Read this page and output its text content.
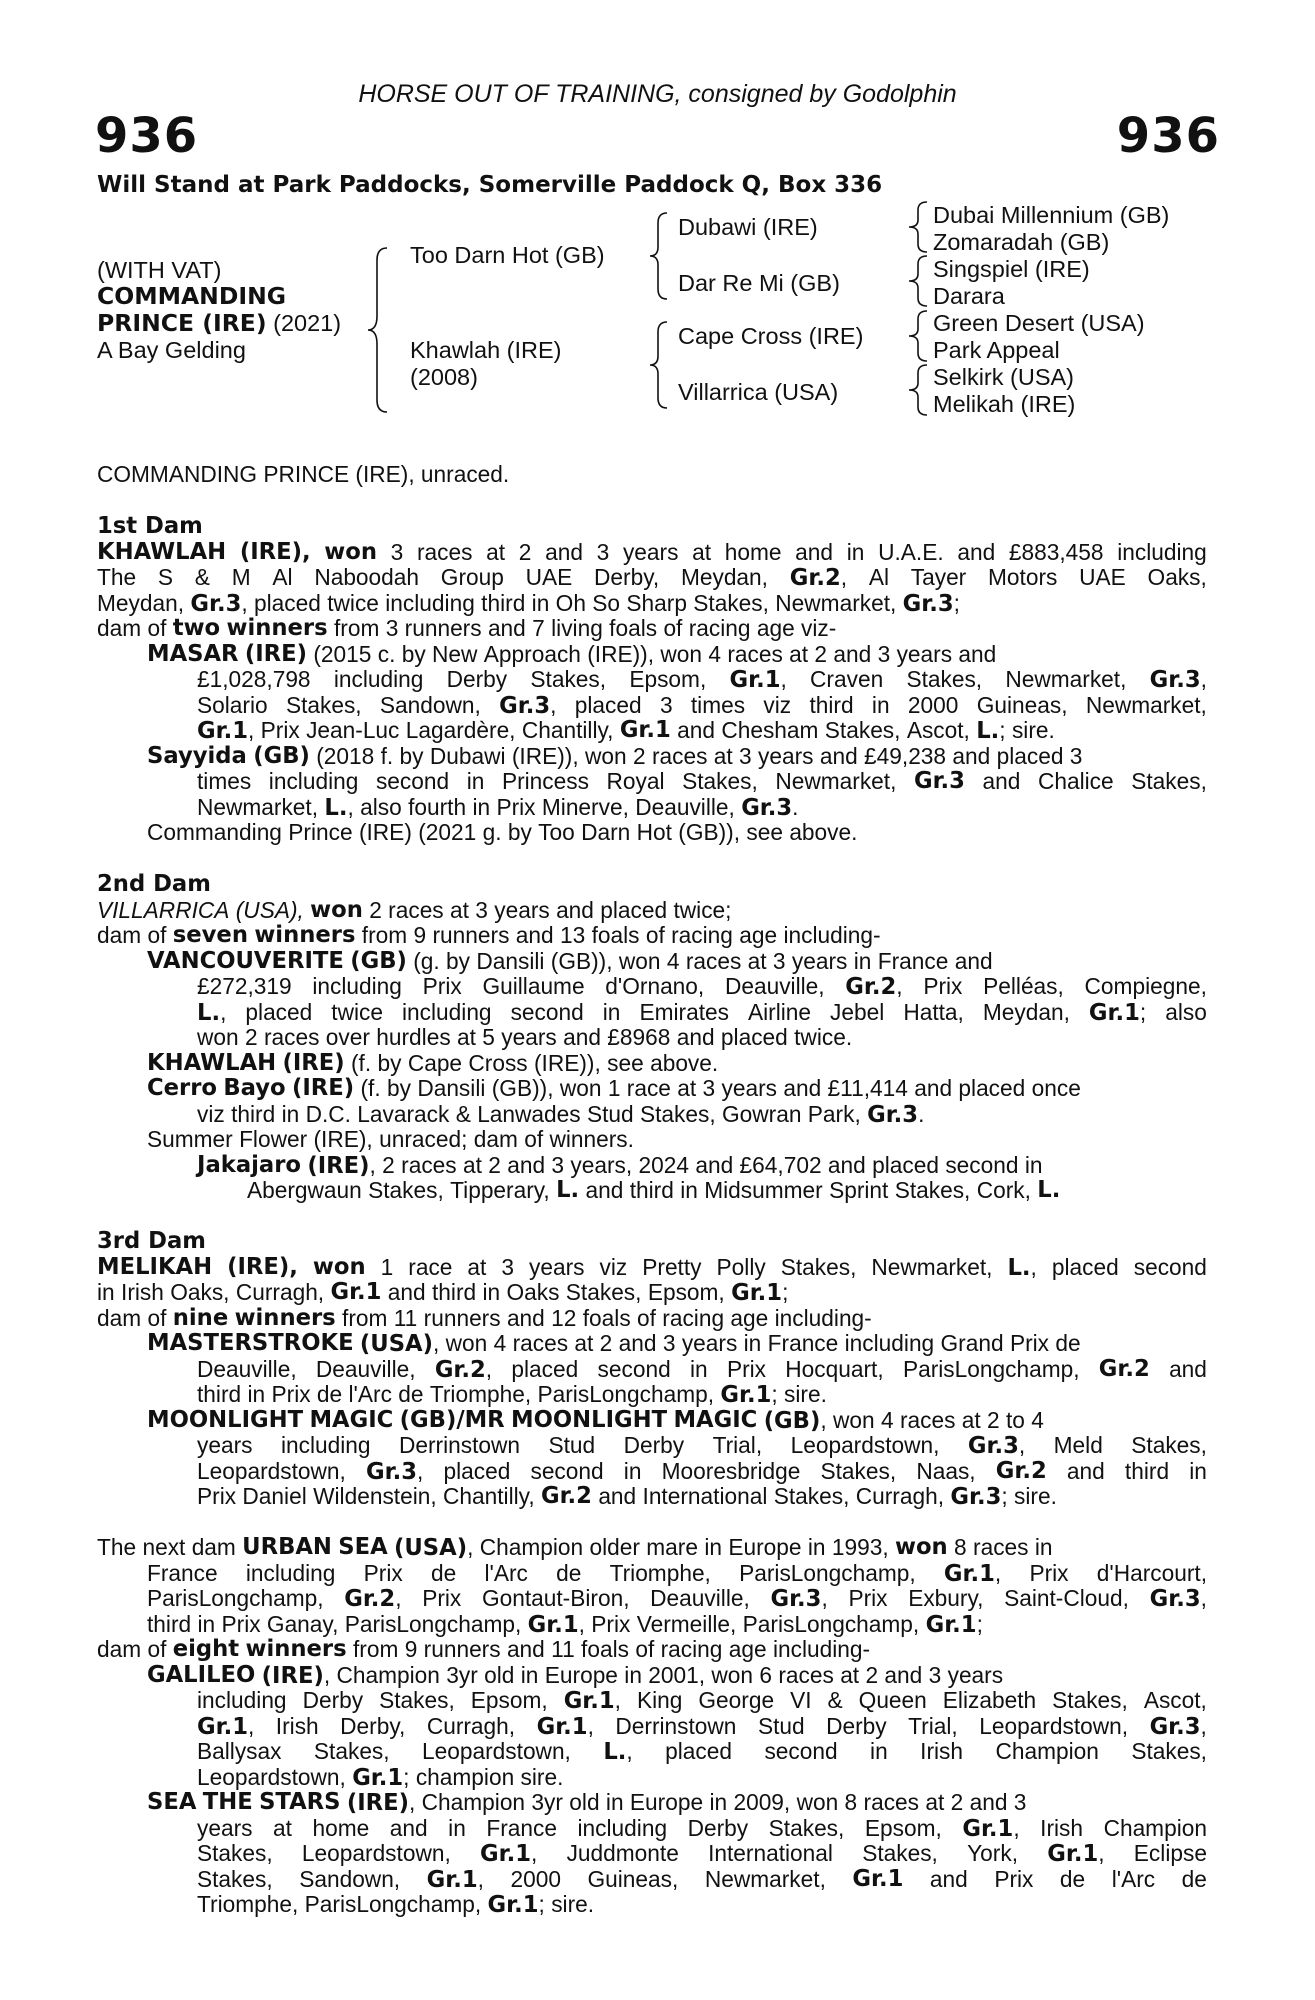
HORSE OUT OF TRAINING, consigned by Godolphin
936	936
Will Stand at Park Paddocks, Somerville Paddock Q, Box 336
(WITH VAT)
COMMANDING
PRINCE (IRE) (2021)
A Bay Gelding
Too Darn Hot (GB)
Khawlah (IRE)
(2008)
Dubawi (IRE)
Dar Re Mi (GB)
Cape Cross (IRE)
Villarrica (USA)
Dubai Millennium (GB)
Zomaradah (GB)
Singspiel (IRE)
Darara
Green Desert (USA)
Park Appeal
Selkirk (USA)
Melikah (IRE)
COMMANDING PRINCE (IRE), unraced.
1st Dam
KHAWLAH (IRE), won 3 races at 2 and 3 years at home and in U.A.E. and £883,458 including
The S & M Al Naboodah Group UAE Derby, Meydan, Gr.2, Al Tayer Motors UAE Oaks,
Meydan, Gr.3, placed twice including third in Oh So Sharp Stakes, Newmarket, Gr.3;
dam of two winners from 3 runners and 7 living foals of racing age viz-
MASAR (IRE) (2015 c. by New Approach (IRE)), won 4 races at 2 and 3 years and
£1,028,798 including Derby Stakes, Epsom, Gr.1, Craven Stakes, Newmarket, Gr.3,
Solario Stakes, Sandown, Gr.3, placed 3 times viz third in 2000 Guineas, Newmarket,
Gr.1, Prix Jean-Luc Lagardère, Chantilly, Gr.1 and Chesham Stakes, Ascot, L.; sire.
Sayyida (GB) (2018 f. by Dubawi (IRE)), won 2 races at 3 years and £49,238 and placed 3
times including second in Princess Royal Stakes, Newmarket, Gr.3 and Chalice Stakes,
Newmarket, L., also fourth in Prix Minerve, Deauville, Gr.3.
Commanding Prince (IRE) (2021 g. by Too Darn Hot (GB)), see above.
2nd Dam
VILLARRICA (USA), won 2 races at 3 years and placed twice;
dam of seven winners from 9 runners and 13 foals of racing age including-
VANCOUVERITE (GB) (g. by Dansili (GB)), won 4 races at 3 years in France and
£272,319 including Prix Guillaume d'Ornano, Deauville, Gr.2, Prix Pelléas, Compiegne,
L., placed twice including second in Emirates Airline Jebel Hatta, Meydan, Gr.1; also
won 2 races over hurdles at 5 years and £8968 and placed twice.
KHAWLAH (IRE) (f. by Cape Cross (IRE)), see above.
Cerro Bayo (IRE) (f. by Dansili (GB)), won 1 race at 3 years and £11,414 and placed once
viz third in D.C. Lavarack & Lanwades Stud Stakes, Gowran Park, Gr.3.
Summer Flower (IRE), unraced; dam of winners.
Jakajaro (IRE), 2 races at 2 and 3 years, 2024 and £64,702 and placed second in
Abergwaun Stakes, Tipperary, L. and third in Midsummer Sprint Stakes, Cork, L.
3rd Dam
MELIKAH (IRE), won 1 race at 3 years viz Pretty Polly Stakes, Newmarket, L., placed second
in Irish Oaks, Curragh, Gr.1 and third in Oaks Stakes, Epsom, Gr.1;
dam of nine winners from 11 runners and 12 foals of racing age including-
MASTERSTROKE (USA), won 4 races at 2 and 3 years in France including Grand Prix de
Deauville, Deauville, Gr.2, placed second in Prix Hocquart, ParisLongchamp, Gr.2 and
third in Prix de l'Arc de Triomphe, ParisLongchamp, Gr.1; sire.
MOONLIGHT MAGIC (GB)/MR MOONLIGHT MAGIC (GB), won 4 races at 2 to 4
years including Derrinstown Stud Derby Trial, Leopardstown, Gr.3, Meld Stakes,
Leopardstown, Gr.3, placed second in Mooresbridge Stakes, Naas, Gr.2 and third in
Prix Daniel Wildenstein, Chantilly, Gr.2 and International Stakes, Curragh, Gr.3; sire.
The next dam URBAN SEA (USA), Champion older mare in Europe in 1993, won 8 races in
France including Prix de l'Arc de Triomphe, ParisLongchamp, Gr.1, Prix d'Harcourt,
ParisLongchamp, Gr.2, Prix Gontaut-Biron, Deauville, Gr.3, Prix Exbury, Saint-Cloud, Gr.3,
third in Prix Ganay, ParisLongchamp, Gr.1, Prix Vermeille, ParisLongchamp, Gr.1;
dam of eight winners from 9 runners and 11 foals of racing age including-
GALILEO (IRE), Champion 3yr old in Europe in 2001, won 6 races at 2 and 3 years
including Derby Stakes, Epsom, Gr.1, King George VI & Queen Elizabeth Stakes, Ascot,
Gr.1, Irish Derby, Curragh, Gr.1, Derrinstown Stud Derby Trial, Leopardstown, Gr.3,
Ballysax Stakes, Leopardstown, L., placed second in Irish Champion Stakes,
Leopardstown, Gr.1; champion sire.
SEA THE STARS (IRE), Champion 3yr old in Europe in 2009, won 8 races at 2 and 3
years at home and in France including Derby Stakes, Epsom, Gr.1, Irish Champion
Stakes, Leopardstown, Gr.1, Juddmonte International Stakes, York, Gr.1, Eclipse
Stakes, Sandown, Gr.1, 2000 Guineas, Newmarket, Gr.1 and Prix de l'Arc de
Triomphe, ParisLongchamp, Gr.1; sire.
